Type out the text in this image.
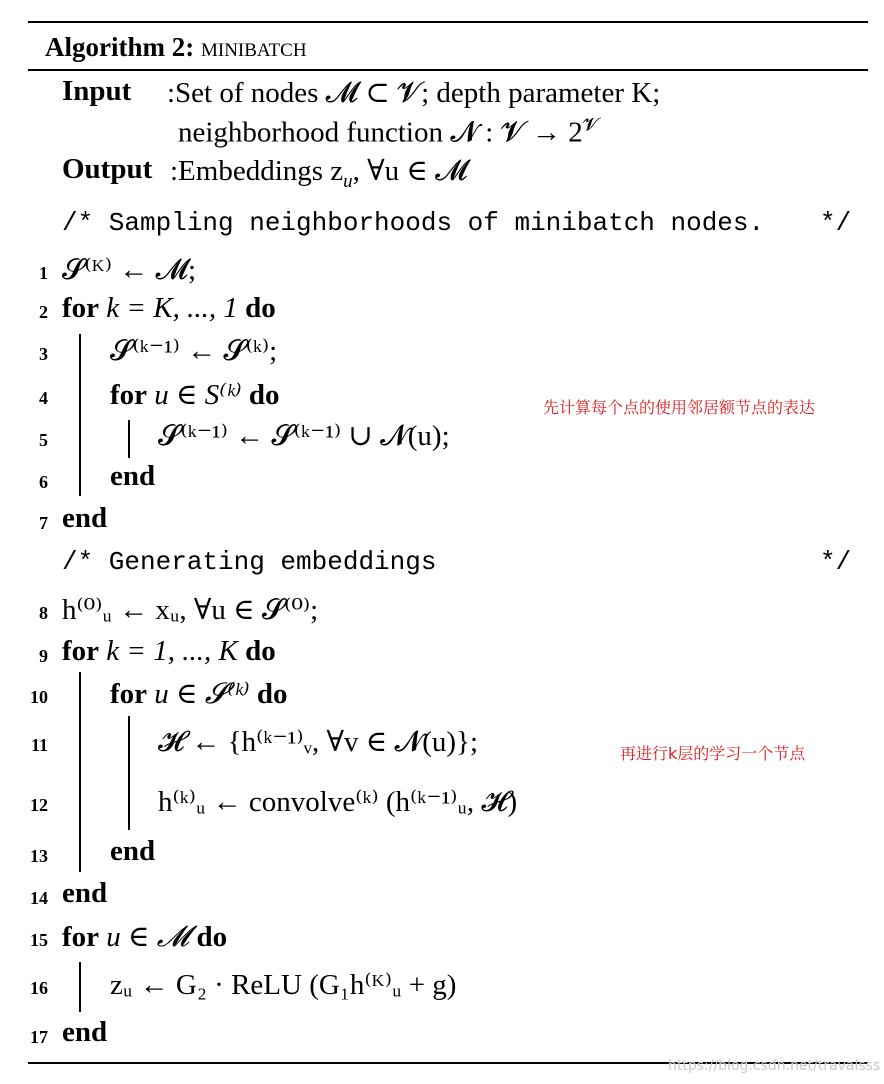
Algorithm 2: minibatch
Input :Set of nodes 𝓜 ⊂ 𝓥; depth parameter K;
neighborhood function 𝓝 : 𝓥 → $2^𝓥$
Output :Embeddings $z_u$, ∀u ∈ 𝓜
/* Sampling neighborhoods of minibatch nodes. */
1
2
3
4
5
6
7
8
9
10
11
12
13
14
15
16
17
𝓢⁽ᴷ⁾ ← 𝓜;
for k = K, ..., 1 do
𝓢⁽ᵏ⁻¹⁾ ← 𝓢⁽ᵏ⁾;
for u ∈ S⁽ᵏ⁾ do
𝓢⁽ᵏ⁻¹⁾ ← 𝓢⁽ᵏ⁻¹⁾ ∪ 𝓝(u);
end
end
/* Generating embeddings	*/
h⁽⁰⁾ᵤ ← xᵤ, ∀u ∈ 𝓢⁽⁰⁾;
for k = 1, ..., K do
for u ∈ 𝓢⁽ᵏ⁾ do
𝓗 ← {h⁽ᵏ⁻¹⁾ᵥ, ∀v ∈ 𝓝(u)};
h⁽ᵏ⁾ᵤ ← convolve⁽ᵏ⁾ (h⁽ᵏ⁻¹⁾ᵤ, 𝓗)
end
end
for u ∈ 𝓜 do
zᵤ ← G₂ · ReLU (G₁h⁽ᴷ⁾ᵤ + g)
end
先计算每个点的使用邻居额节点的表达
再进行k层的学习一个节点
https://blog.csdn.net/travalsss
